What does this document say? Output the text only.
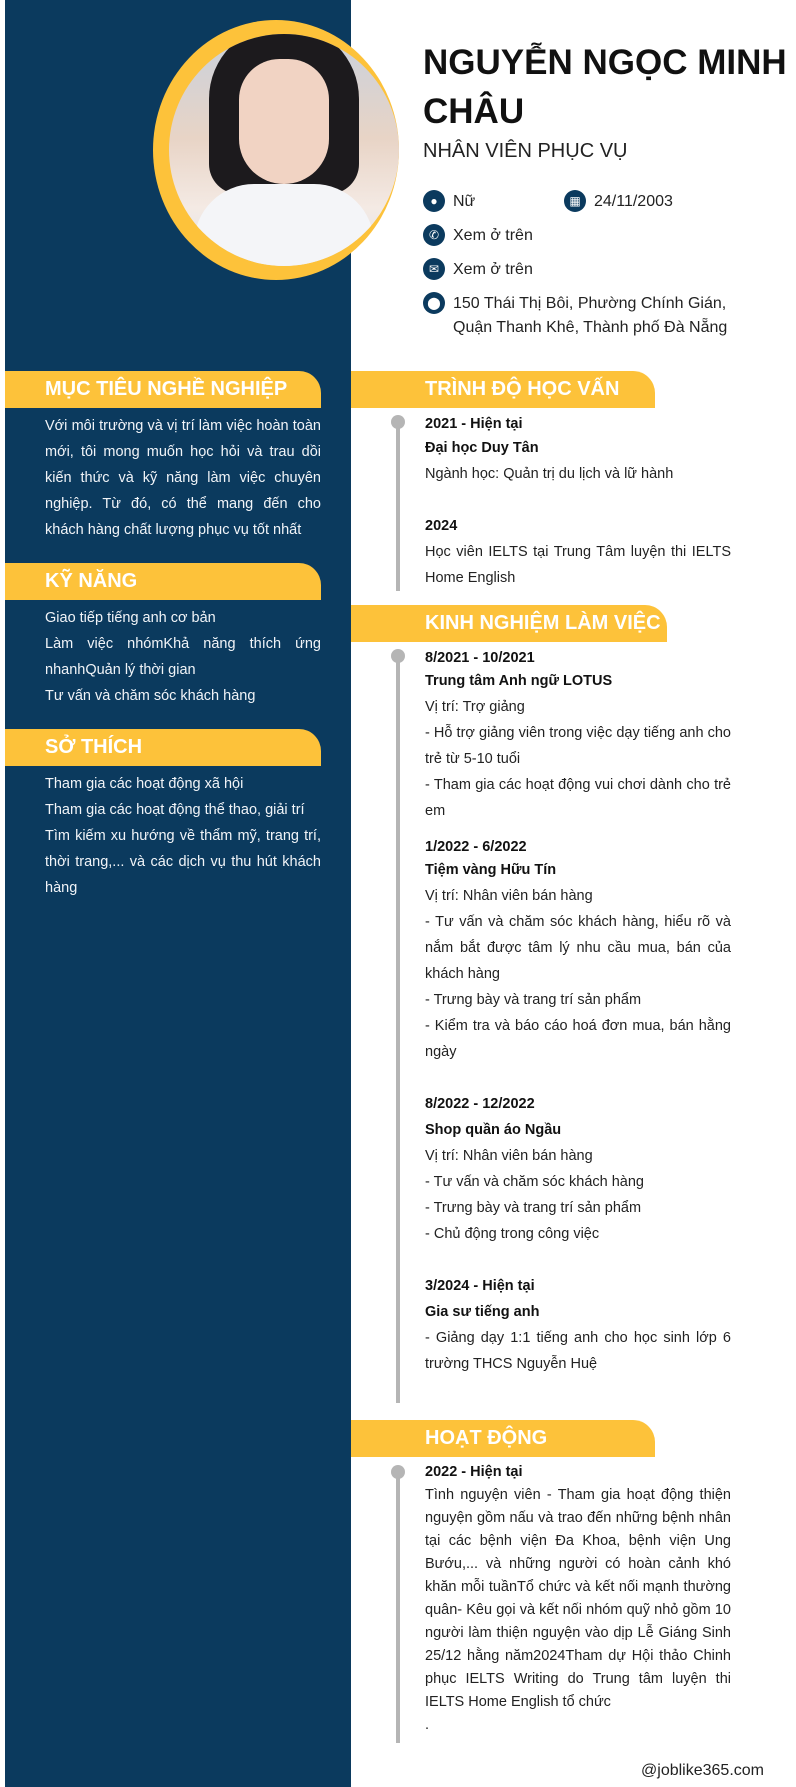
NGUYỄN NGỌC MINH CHÂU
NHÂN VIÊN PHỤC VỤ
● Nữ	▦ 24/11/2003
✆ Xem ở trên
✉ Xem ở trên
⬤ 150 Thái Thị Bôi, Phường Chính Gián, Quận Thanh Khê, Thành phố Đà Nẵng
MỤC TIÊU NGHỀ NGHIỆP

Với môi trường và vị trí làm việc hoàn toàn mới, tôi mong muốn học hỏi và trau dồi kiến thức và kỹ năng làm việc chuyên nghiệp. Từ đó, có thể mang đến cho khách hàng chất lượng phục vụ tốt nhất

KỸ NĂNG

Giao tiếp tiếng anh cơ bản

Làm việc nhómKhả năng thích ứng nhanhQuản lý thời gian

Tư vấn và chăm sóc khách hàng

SỞ THÍCH

Tham gia các hoạt động xã hội

Tham gia các hoạt động thể thao, giải trí

Tìm kiếm xu hướng về thẩm mỹ, trang trí, thời trang,... và các dịch vụ thu hút khách hàng

TRÌNH ĐỘ HỌC VẤN

2021 - Hiện tại

Đại học Duy Tân

Ngành học: Quản trị du lịch và lữ hành

2024

Học viên IELTS tại Trung Tâm luyện thi IELTS Home English

KINH NGHIỆM LÀM VIỆC

8/2021 - 10/2021

Trung tâm Anh ngữ LOTUS

Vị trí: Trợ giảng

- Hỗ trợ giảng viên trong việc dạy tiếng anh cho trẻ từ 5-10 tuổi

- Tham gia các hoạt động vui chơi dành cho trẻ em

1/2022 - 6/2022

Tiệm vàng Hữu Tín

Vị trí: Nhân viên bán hàng

- Tư vấn và chăm sóc khách hàng, hiểu rõ và nắm bắt được tâm lý nhu cầu mua, bán của khách hàng

- Trưng bày và trang trí sản phẩm

- Kiểm tra và báo cáo hoá đơn mua, bán hằng ngày

8/2022 - 12/2022

Shop quần áo Ngầu

Vị trí: Nhân viên bán hàng

- Tư vấn và chăm sóc khách hàng

- Trưng bày và trang trí sản phẩm

- Chủ động trong công việc

3/2024 - Hiện tại

Gia sư tiếng anh

- Giảng dạy 1:1 tiếng anh cho học sinh lớp 6 trường THCS Nguyễn Huệ

HOẠT ĐỘNG

2022 - Hiện tại

Tình nguyện viên - Tham gia hoạt động thiện nguyện gồm nấu và trao đến những bệnh nhân tại các bệnh viện Đa Khoa, bệnh viện Ung Bướu,... và những người có hoàn cảnh khó khăn mỗi tuầnTổ chức và kết nối mạnh thường quân- Kêu gọi và kết nối nhóm quỹ nhỏ gồm 10 người làm thiện nguyện vào dịp Lễ Giáng Sinh 25/12 hằng năm2024Tham dự Hội thảo Chinh phục IELTS Writing do Trung tâm luyện thi IELTS Home English tổ chức

.

@joblike365.com
